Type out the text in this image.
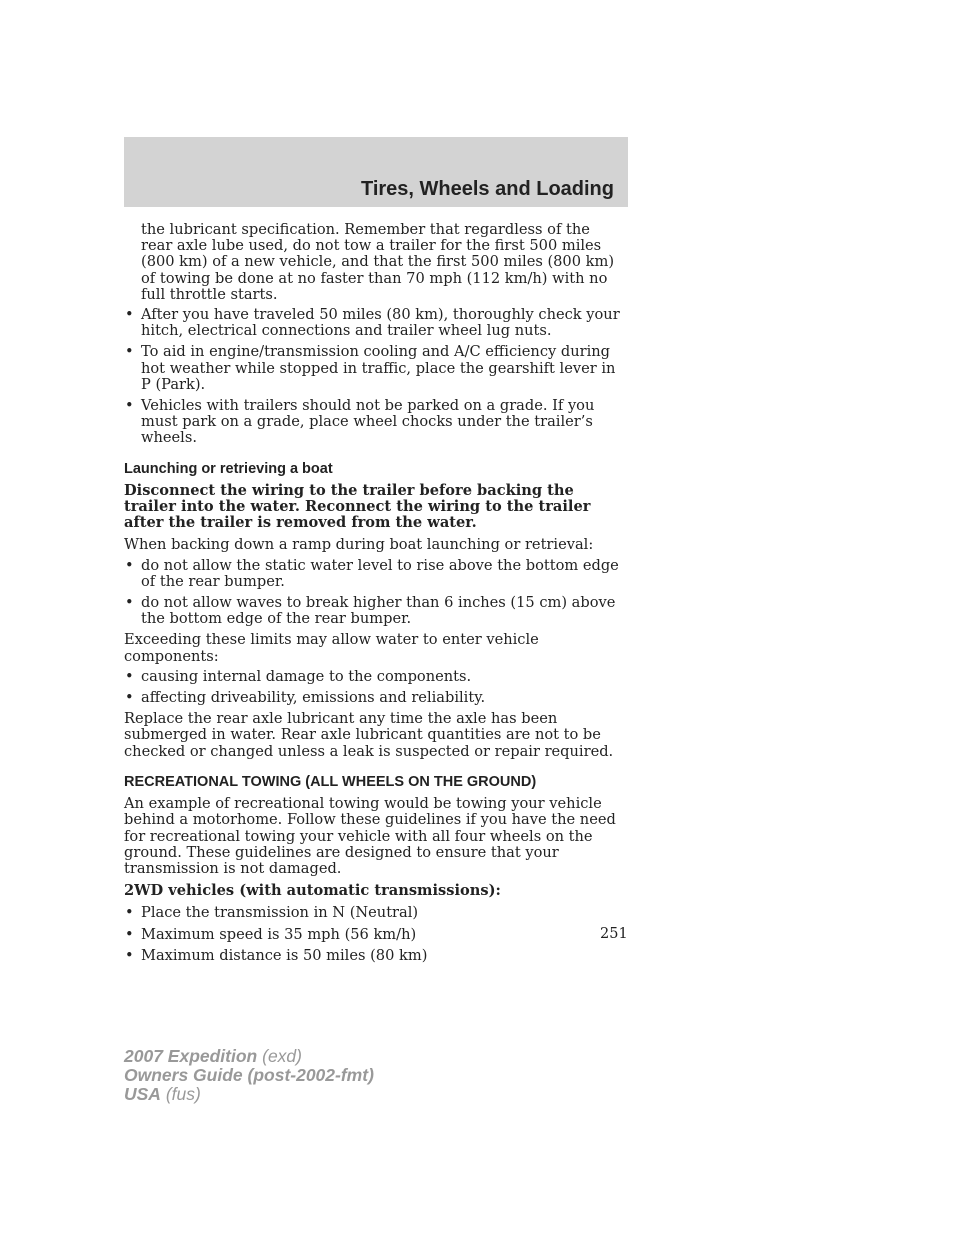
Tires, Wheels and Loading

the lubricant specification. Remember that regardless of the rear axle lube used, do not tow a trailer for the first 500 miles (800 km) of a new vehicle, and that the first 500 miles (800 km) of towing be done at no faster than 70 mph (112 km/h) with no full throttle starts.

• After you have traveled 50 miles (80 km), thoroughly check your hitch, electrical connections and trailer wheel lug nuts.
• To aid in engine/transmission cooling and A/C efficiency during hot weather while stopped in traffic, place the gearshift lever in P (Park).
• Vehicles with trailers should not be parked on a grade. If you must park on a grade, place wheel chocks under the trailer’s wheels.
Launching or retrieving a boat

Disconnect the wiring to the trailer before backing the trailer into the water. Reconnect the wiring to the trailer after the trailer is removed from the water.

When backing down a ramp during boat launching or retrieval:

• do not allow the static water level to rise above the bottom edge of the rear bumper.
• do not allow waves to break higher than 6 inches (15 cm) above the bottom edge of the rear bumper.

Exceeding these limits may allow water to enter vehicle components:

• causing internal damage to the components.
• affecting driveability, emissions and reliability.

Replace the rear axle lubricant any time the axle has been submerged in water. Rear axle lubricant quantities are not to be checked or changed unless a leak is suspected or repair required.

RECREATIONAL TOWING (ALL WHEELS ON THE GROUND)

An example of recreational towing would be towing your vehicle behind a motorhome. Follow these guidelines if you have the need for recreational towing your vehicle with all four wheels on the ground. These guidelines are designed to ensure that your transmission is not damaged.

2WD vehicles (with automatic transmissions):

• Place the transmission in N (Neutral)
• Maximum speed is 35 mph (56 km/h)
• Maximum distance is 50 miles (80 km)
251
2007 Expedition (exd)
Owners Guide (post-2002-fmt)
USA (fus)
